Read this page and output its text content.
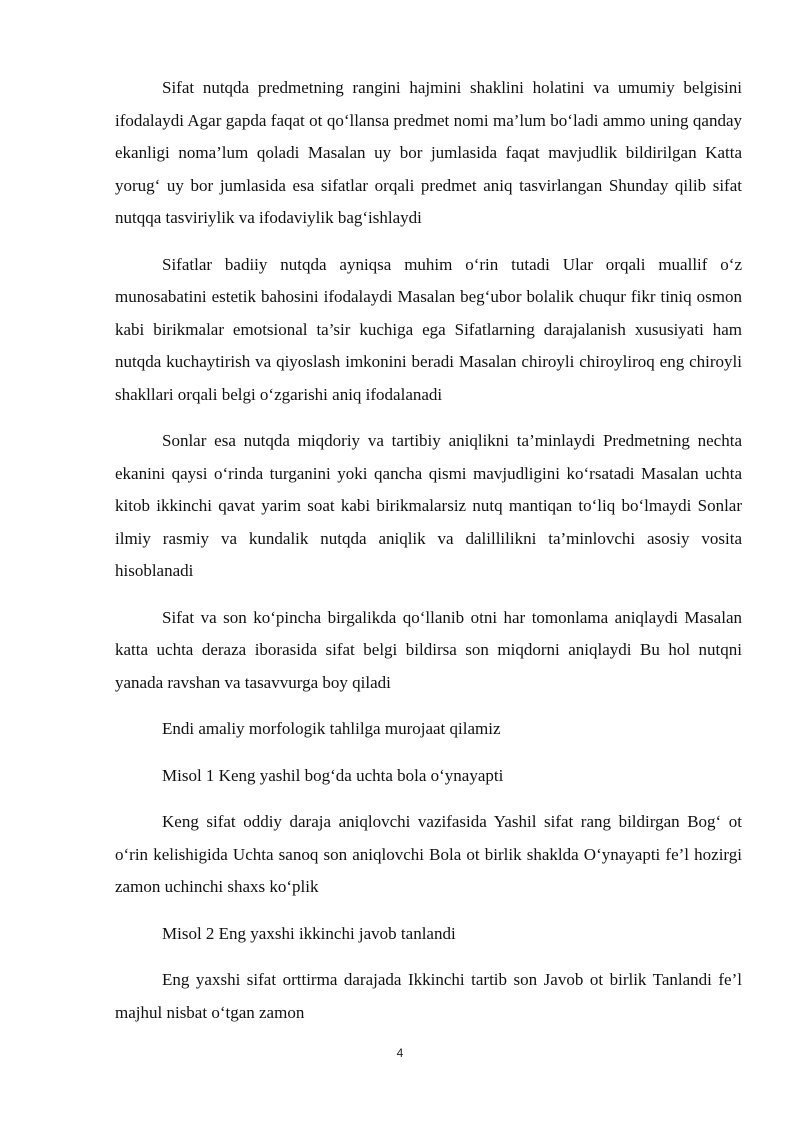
Sifat nutqda predmetning rangini hajmini shaklini holatini va umumiy belgisini ifodalaydi Agar gapda faqat ot qo‘llansa predmet nomi ma’lum bo‘ladi ammo uning qanday ekanligi noma’lum qoladi Masalan uy bor jumlasida faqat mavjudlik bildirilgan Katta yorug‘ uy bor jumlasida esa sifatlar orqali predmet aniq tasvirlangan Shunday qilib sifat nutqqa tasviriylik va ifodaviylik bag‘ishlaydi

Sifatlar badiiy nutqda ayniqsa muhim o‘rin tutadi Ular orqali muallif o‘z munosabatini estetik bahosini ifodalaydi Masalan beg‘ubor bolalik chuqur fikr tiniq osmon kabi birikmalar emotsional ta’sir kuchiga ega Sifatlarning darajalanish xususiyati ham nutqda kuchaytirish va qiyoslash imkonini beradi Masalan chiroyli chiroyliroq eng chiroyli shakllari orqali belgi o‘zgarishi aniq ifodalanadi

Sonlar esa nutqda miqdoriy va tartibiy aniqlikni ta’minlaydi Predmetning nechta ekanini qaysi o‘rinda turganini yoki qancha qismi mavjudligini ko‘rsatadi Masalan uchta kitob ikkinchi qavat yarim soat kabi birikmalarsiz nutq mantiqan to‘liq bo‘lmaydi Sonlar ilmiy rasmiy va kundalik nutqda aniqlik va dalillilikni ta’minlovchi asosiy vosita hisoblanadi

Sifat va son ko‘pincha birgalikda qo‘llanib otni har tomonlama aniqlaydi Masalan katta uchta deraza iborasida sifat belgi bildirsa son miqdorni aniqlaydi Bu hol nutqni yanada ravshan va tasavvurga boy qiladi

Endi amaliy morfologik tahlilga murojaat qilamiz

Misol 1 Keng yashil bog‘da uchta bola o‘ynayapti

Keng sifat oddiy daraja aniqlovchi vazifasida Yashil sifat rang bildirgan Bog‘ ot o‘rin kelishigida Uchta sanoq son aniqlovchi Bola ot birlik shaklda O‘ynayapti fe’l hozirgi zamon uchinchi shaxs ko‘plik

Misol 2 Eng yaxshi ikkinchi javob tanlandi

Eng yaxshi sifat orttirma darajada Ikkinchi tartib son Javob ot birlik Tanlandi fe’l majhul nisbat o‘tgan zamon

4
